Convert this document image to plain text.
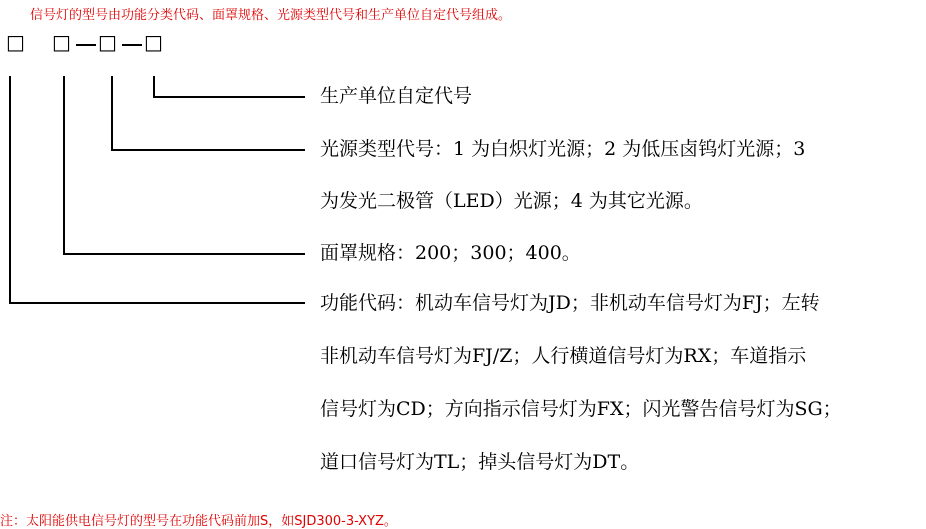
信号灯的型号由功能分类代码、面罩规格、光源类型代号和生产单位自定代号组成。
□ □ □ □
生产单位自定代号
光源类型代号：1 为白炽灯光源；2 为低压卤钨灯光源；3
为发光二极管（LED）光源；4 为其它光源。
面罩规格：200；300；400。
功能代码：机动车信号灯为JD；非机动车信号灯为FJ；左转
非机动车信号灯为FJ/Z；人行横道信号灯为RX；车道指示
信号灯为CD；方向指示信号灯为FX；闪光警告信号灯为SG；
道口信号灯为TL；掉头信号灯为DT。
注：太阳能供电信号灯的型号在功能代码前加S，如SJD300-3-XYZ。
